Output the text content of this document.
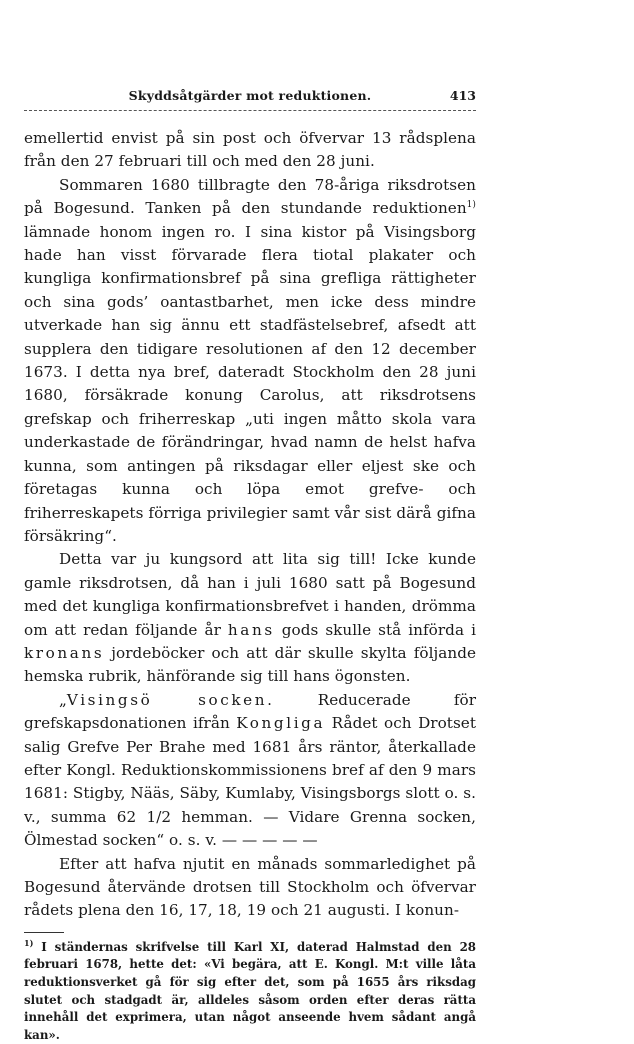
Skyddsåtgärder mot reduktionen.	413

emellertid envist på sin post och öfvervar 13 rådsplena från den 27 februari till och med den 28 juni.

Sommaren 1680 tillbragte den 78-åriga riksdrotsen på Bogesund. Tanken på den stundande reduktionen$^{1)}$ lämnade honom ingen ro. I sina kistor på Visingsborg hade han visst förvarade flera tiotal plakater och kungliga konfirmationsbref på sina grefliga rättigheter och sina gods’ oantastbarhet, men icke dess mindre utverkade han sig ännu ett stadfästelsebref, afsedt att supplera den tidigare resolutionen af den 12 december 1673. I detta nya bref, dateradt Stockholm den 28 juni 1680, försäkrade konung Carolus, att riksdrotsens grefskap och friherreskap „uti ingen måtto skola vara underkastade de förändringar, hvad namn de helst hafva kunna, som antingen på riksdagar eller eljest ske och företagas kunna och löpa emot grefve- och friherreskapets förriga privilegier samt vår sist därå gifna försäkring“.

Detta var ju kungsord att lita sig till! Icke kunde gamle riksdrotsen, då han i juli 1680 satt på Bogesund med det kungliga konfirmationsbrefvet i handen, drömma om att redan följande år hans gods skulle stå införda i kronans jordeböcker och att där skulle skylta följande hemska rubrik, hänförande sig till hans ögonsten.

„Visingsö socken. Reducerade för grefskapsdonationen ifrån Kongliga Rådet och Drotset salig Grefve Per Brahe med 1681 års räntor, återkallade efter Kongl. Reduktionskommissionens bref af den 9 mars 1681: Stigby, Nääs, Säby, Kumlaby, Visingsborgs slott o. s. v., summa 62 1/2 hemman. — Vidare Grenna socken, Ölmestad socken“ o. s. v. — — — — —

Efter att hafva njutit en månads sommarledighet på Bogesund återvände drotsen till Stockholm och öfvervar rådets plena den 16, 17, 18, 19 och 21 augusti. I konun-

$^{1)}$ I ständernas skrifvelse till Karl XI, daterad Halmstad den 28 februari 1678, hette det: «Vi begära, att E. Kongl. M:t ville låta reduktionsverket gå för sig efter det, som på 1655 års riksdag slutet och stadgadt är, alldeles såsom orden efter deras rätta innehåll det exprimera, utan något anseende hvem sådant angå kan».
